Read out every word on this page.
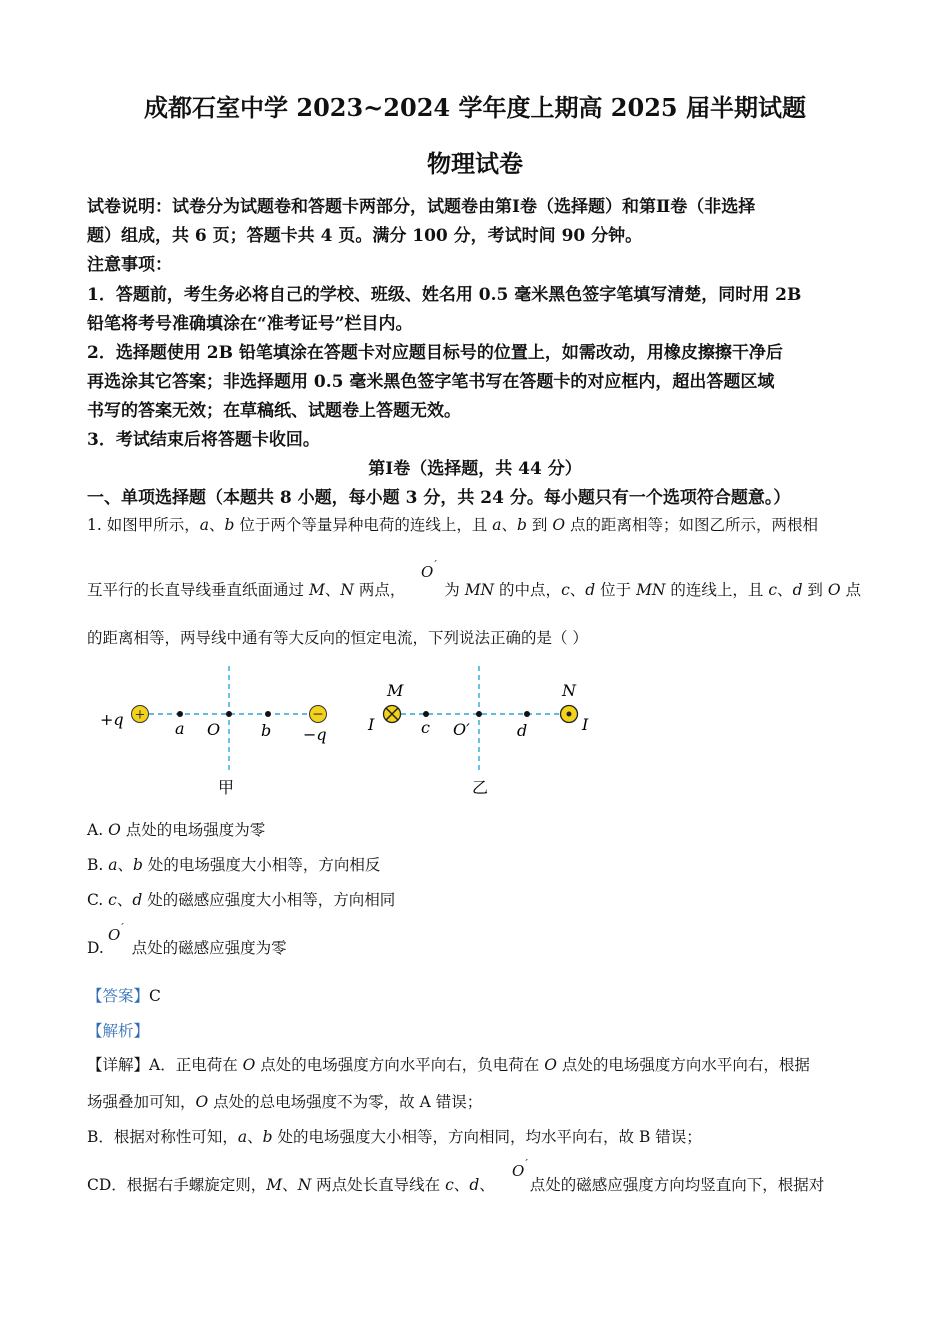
成都石室中学 2023~2024 学年度上期高 2025 届半期试题
物理试卷
试卷说明：试卷分为试题卷和答题卡两部分，试题卷由第Ⅰ卷（选择题）和第Ⅱ卷（非选择
题）组成，共 6 页；答题卡共 4 页。满分 100 分，考试时间 90 分钟。
注意事项：
1．答题前，考生务必将自己的学校、班级、姓名用 0.5 毫米黑色签字笔填写清楚，同时用 2B
铅笔将考号准确填涂在“准考证号”栏目内。
2．选择题使用 2B 铅笔填涂在答题卡对应题目标号的位置上，如需改动，用橡皮擦擦干净后
再选涂其它答案；非选择题用 0.5 毫米黑色签字笔书写在答题卡的对应框内，超出答题区域
书写的答案无效；在草稿纸、试题卷上答题无效。
3．考试结束后将答题卡收回。
第Ⅰ卷（选择题，共 44 分）
一、单项选择题（本题共 8 小题，每小题 3 分，共 24 分。每小题只有一个选项符合题意。）
1. 如图甲所示，a、b 位于两个等量异种电荷的连线上，且 a、b 到 O 点的距离相等；如图乙所示，两根相
O′
互平行的长直导线垂直纸面通过 M、N 两点， 为 MN 的中点，c、d 位于 MN 的连线上，且 c、d 到 O 点
的距离相等，两导线中通有等大反向的恒定电流，下列说法正确的是（ ）
+	−
+q	a O	b −q
甲
M	N
I	I
c O′	d
乙
A. O 点处的电场强度为零
B. a、b 处的电场强度大小相等，方向相反
C. c、d 处的磁感应强度大小相等，方向相同
O′
D.  点处的磁感应强度为零
【答案】C
【解析】
【详解】A．正电荷在 O 点处的电场强度方向水平向右，负电荷在 O 点处的电场强度方向水平向右，根据
场强叠加可知，O 点处的总电场强度不为零，故 A 错误；
B．根据对称性可知，a、b 处的电场强度大小相等，方向相同，均水平向右，故 B 错误；
O′
CD．根据右手螺旋定则，M、N 两点处长直导线在 c、d、 点处的磁感应强度方向均竖直向下，根据对
